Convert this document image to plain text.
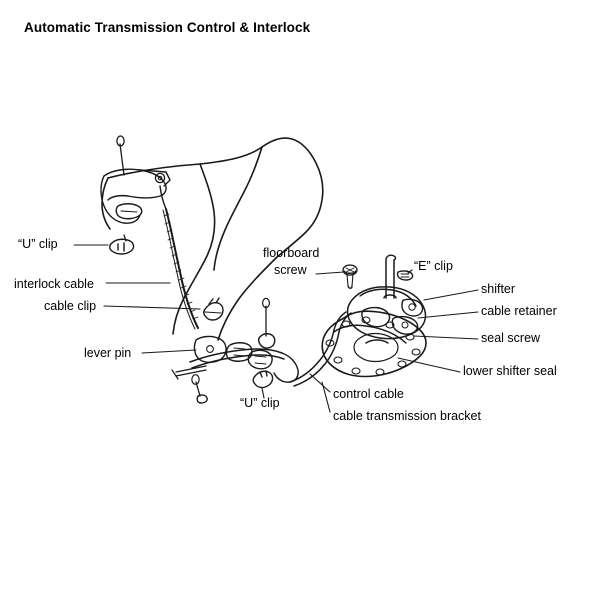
Automatic Transmission Control & Interlock
“U” clip
interlock cable
cable clip
lever pin
floorboard
screw	“E” clip
shifter
cable retainer
seal screw
lower shifter seal
“U” clip
control cable
cable transmission bracket
